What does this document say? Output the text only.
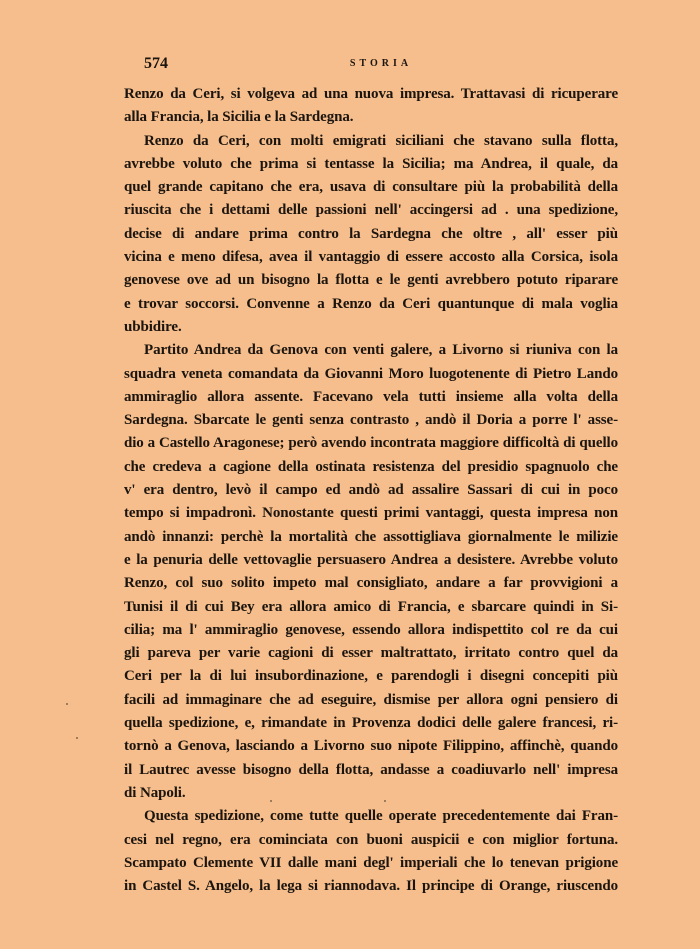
574	STORIA
Renzo da Ceri, si volgeva ad una nuova impresa. Trattavasi di ricuperare
alla Francia, la Sicilia e la Sardegna.
Renzo da Ceri, con molti emigrati siciliani che stavano sulla flotta,
avrebbe voluto che prima si tentasse la Sicilia; ma Andrea, il quale, da
quel grande capitano che era, usava di consultare più la probabilità della
riuscita che i dettami delle passioni nell' accingersi ad . una spedizione,
decise di andare prima contro la Sardegna che oltre , all' esser più
vicina e meno difesa, avea il vantaggio di essere accosto alla Corsica, isola
genovese ove ad un bisogno la flotta e le genti avrebbero potuto riparare
e trovar soccorsi. Convenne a Renzo da Ceri quantunque di mala voglia
ubbidire.
Partito Andrea da Genova con venti galere, a Livorno si riuniva con la
squadra veneta comandata da Giovanni Moro luogotenente di Pietro Lando
ammiraglio allora assente. Facevano vela tutti insieme alla volta della
Sardegna. Sbarcate le genti senza contrasto , andò il Doria a porre l' asse-
dio a Castello Aragonese; però avendo incontrata maggiore difficoltà di quello
che credeva a cagione della ostinata resistenza del presidio spagnuolo che
v' era dentro, levò il campo ed andò ad assalire Sassari di cui in poco
tempo si impadronì. Nonostante questi primi vantaggi, questa impresa non
andò innanzi: perchè la mortalità che assottigliava giornalmente le milizie
e la penuria delle vettovaglie persuasero Andrea a desistere. Avrebbe voluto
Renzo, col suo solito impeto mal consigliato, andare a far provvigioni a
Tunisi il di cui Bey era allora amico di Francia, e sbarcare quindi in Si-
cilia; ma l' ammiraglio genovese, essendo allora indispettito col re da cui
gli pareva per varie cagioni di esser maltrattato, irritato contro quel da
Ceri per la di lui insubordinazione, e parendogli i disegni concepiti più
facili ad immaginare che ad eseguire, dismise per allora ogni pensiero di
quella spedizione, e, rimandate in Provenza dodici delle galere francesi, ri-
tornò a Genova, lasciando a Livorno suo nipote Filippino, affinchè, quando
il Lautrec avesse bisogno della flotta, andasse a coadiuvarlo nell' impresa
di Napoli.
Questa spedizione, come tutte quelle operate precedentemente dai Fran-
cesi nel regno, era cominciata con buoni auspicii e con miglior fortuna.
Scampato Clemente VII dalle mani degl' imperiali che lo tenevan prigione
in Castel S. Angelo, la lega si riannodava. Il principe di Orange, riuscendo
